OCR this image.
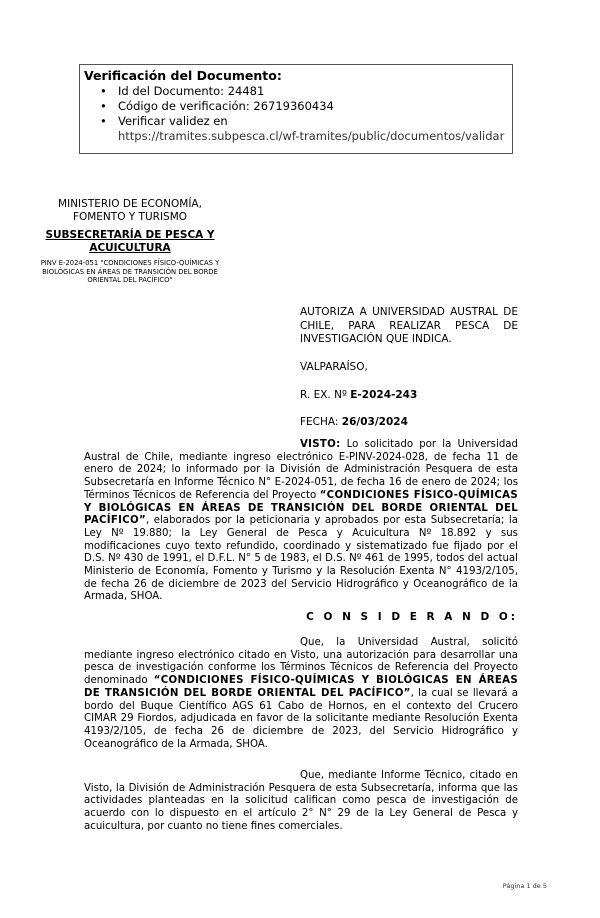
Verificación del Documento:
• Id del Documento: 24481
• Código de verificación: 26719360434
• Verificar validez en
https://tramites.subpesca.cl/wf-tramites/public/documentos/validar
MINISTERIO DE ECONOMÍA,
FOMENTO Y TURISMO
SUBSECRETARÍA DE PESCA Y ACUICULTURA
PINV E-2024-051 "CONDICIONES FÍSICO-QUÍMICAS Y BIOLÓGICAS EN ÁREAS DE TRANSICIÓN DEL BORDE ORIENTAL DEL PACÍFICO"
AUTORIZA A UNIVERSIDAD AUSTRAL DE CHILE, PARA REALIZAR PESCA DE INVESTIGACIÓN QUE INDICA.
VALPARAÍSO,
R. EX. Nº E-2024-243
FECHA: 26/03/2024
VISTO: Lo solicitado por la Universidad Austral de Chile, mediante ingreso electrónico E-PINV-2024-028, de fecha 11 de enero de 2024; lo informado por la División de Administración Pesquera de esta Subsecretaría en Informe Técnico N° E-2024-051, de fecha 16 de enero de 2024; los Términos Técnicos de Referencia del Proyecto “CONDICIONES FÍSICO-QUÍMICAS Y BIOLÓGICAS EN ÁREAS DE TRANSICIÓN DEL BORDE ORIENTAL DEL PACÍFICO”, elaborados por la peticionaria y aprobados por esta Subsecretaría; la Ley Nº 19.880; la Ley General de Pesca y Acuicultura Nº 18.892 y sus modificaciones cuyo texto refundido, coordinado y sistematizado fue fijado por el D.S. Nº 430 de 1991, el D.F.L. N° 5 de 1983, el D.S. Nº 461 de 1995, todos del actual Ministerio de Economía, Fomento y Turismo y la Resolución Exenta N° 4193/2/105, de fecha 26 de diciembre de 2023 del Servicio Hidrográfico y Oceanográfico de la Armada, SHOA.
C O N S I D E R A N D O:
Que, la Universidad Austral, solicitó mediante ingreso electrónico citado en Visto, una autorización para desarrollar una pesca de investigación conforme los Términos Técnicos de Referencia del Proyecto denominado “CONDICIONES FÍSICO-QUÍMICAS Y BIOLÓGICAS EN ÁREAS DE TRANSICIÓN DEL BORDE ORIENTAL DEL PACÍFICO”, la cual se llevará a bordo del Buque Científico AGS 61 Cabo de Hornos, en el contexto del Crucero CIMAR 29 Fiordos, adjudicada en favor de la solicitante mediante Resolución Exenta 4193/2/105, de fecha 26 de diciembre de 2023, del Servicio Hidrográfico y Oceanográfico de la Armada, SHOA.
Que, mediante Informe Técnico, citado en Visto, la División de Administración Pesquera de esta Subsecretaría, informa que las actividades planteadas en la solicitud califican como pesca de investigación de acuerdo con lo dispuesto en el artículo 2° N° 29 de la Ley General de Pesca y acuicultura, por cuanto no tiene fines comerciales.
Página 1 de 5
